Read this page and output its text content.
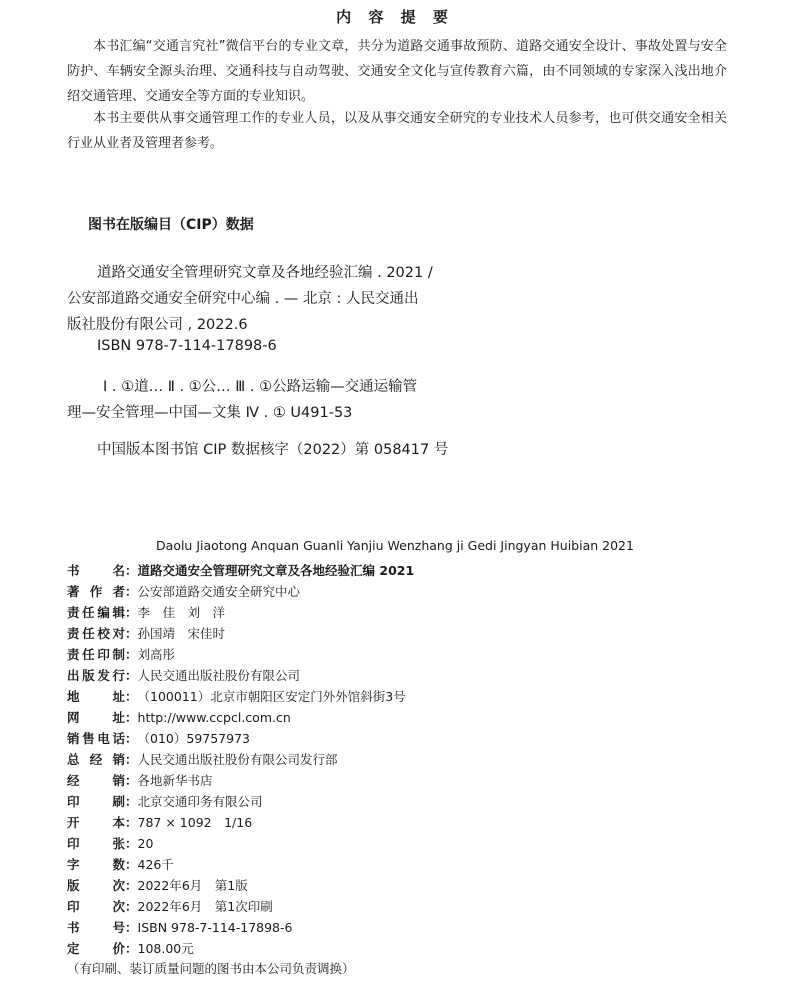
内 容 提 要
本书汇编“交通言究社”微信平台的专业文章，共分为道路交通事故预防、道路交通安全设计、事故处置与安全防护、车辆安全源头治理、交通科技与自动驾驶、交通安全文化与宣传教育六篇，由不同领域的专家深入浅出地介绍交通管理、交通安全等方面的专业知识。
本书主要供从事交通管理工作的专业人员，以及从事交通安全研究的专业技术人员参考，也可供交通安全相关行业从业者及管理者参考。
图书在版编目（CIP）数据
道路交通安全管理研究文章及各地经验汇编 . 2021 /
公安部道路交通安全研究中心编 . — 北京 : 人民交通出
版社股份有限公司 , 2022.6
ISBN 978-7-114-17898-6
Ⅰ . ①道… Ⅱ . ①公… Ⅲ . ①公路运输—交通运输管
理—安全管理—中国—文集 Ⅳ . ① U491-53
中国版本图书馆 CIP 数据核字（2022）第 058417 号
Daolu Jiaotong Anquan Guanli Yanjiu Wenzhang ji Gedi Jingyan Huibian 2021
书　　名 ： 道路交通安全管理研究文章及各地经验汇编 2021
著 作 者 ： 公安部道路交通安全研究中心
责任编辑 ： 李　佳　刘　洋
责任校对 ： 孙国靖　宋佳时
责任印制 ： 刘高彤
出版发行 ： 人民交通出版社股份有限公司
地　　址 ： （100011）北京市朝阳区安定门外外馆斜街3号
网　　址 ： http://www.ccpcl.com.cn
销售电话 ： （010）59757973
总 经 销 ： 人民交通出版社股份有限公司发行部
经　　销 ： 各地新华书店
印　　刷 ： 北京交通印务有限公司
开　　本 ： 787 × 1092　1/16
印　　张 ： 20
字　　数 ： 426千
版　　次 ： 2022年6月　第1版
印　　次 ： 2022年6月　第1次印刷
书　　号 ： ISBN 978-7-114-17898-6
定　　价 ： 108.00元
（有印刷、装订质量问题的图书由本公司负责调换）
